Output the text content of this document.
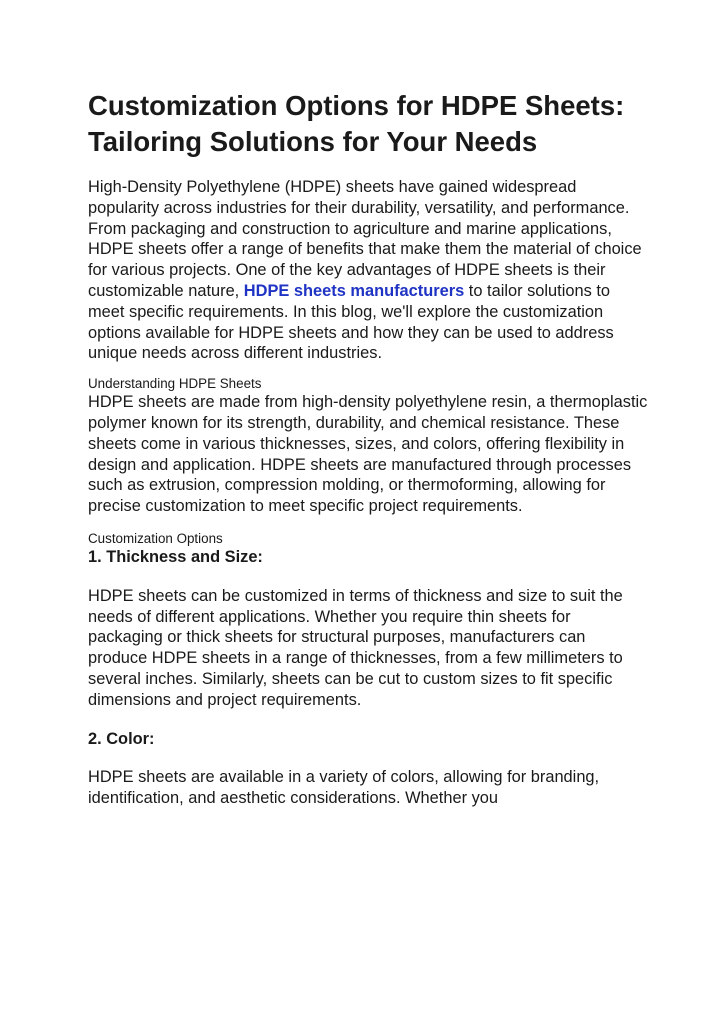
Customization Options for HDPE Sheets: Tailoring Solutions for Your Needs

High-Density Polyethylene (HDPE) sheets have gained widespread popularity across industries for their durability, versatility, and performance. From packaging and construction to agriculture and marine applications, HDPE sheets offer a range of benefits that make them the material of choice for various projects. One of the key advantages of HDPE sheets is their customizable nature, HDPE sheets manufacturers to tailor solutions to meet specific requirements. In this blog, we'll explore the customization options available for HDPE sheets and how they can be used to address unique needs across different industries.

Understanding HDPE Sheets

HDPE sheets are made from high-density polyethylene resin, a thermoplastic polymer known for its strength, durability, and chemical resistance. These sheets come in various thicknesses, sizes, and colors, offering flexibility in design and application. HDPE sheets are manufactured through processes such as extrusion, compression molding, or thermoforming, allowing for precise customization to meet specific project requirements.

Customization Options
1. Thickness and Size:

HDPE sheets can be customized in terms of thickness and size to suit the needs of different applications. Whether you require thin sheets for packaging or thick sheets for structural purposes, manufacturers can produce HDPE sheets in a range of thicknesses, from a few millimeters to several inches. Similarly, sheets can be cut to custom sizes to fit specific dimensions and project requirements.

2. Color:

HDPE sheets are available in a variety of colors, allowing for branding, identification, and aesthetic considerations. Whether you
